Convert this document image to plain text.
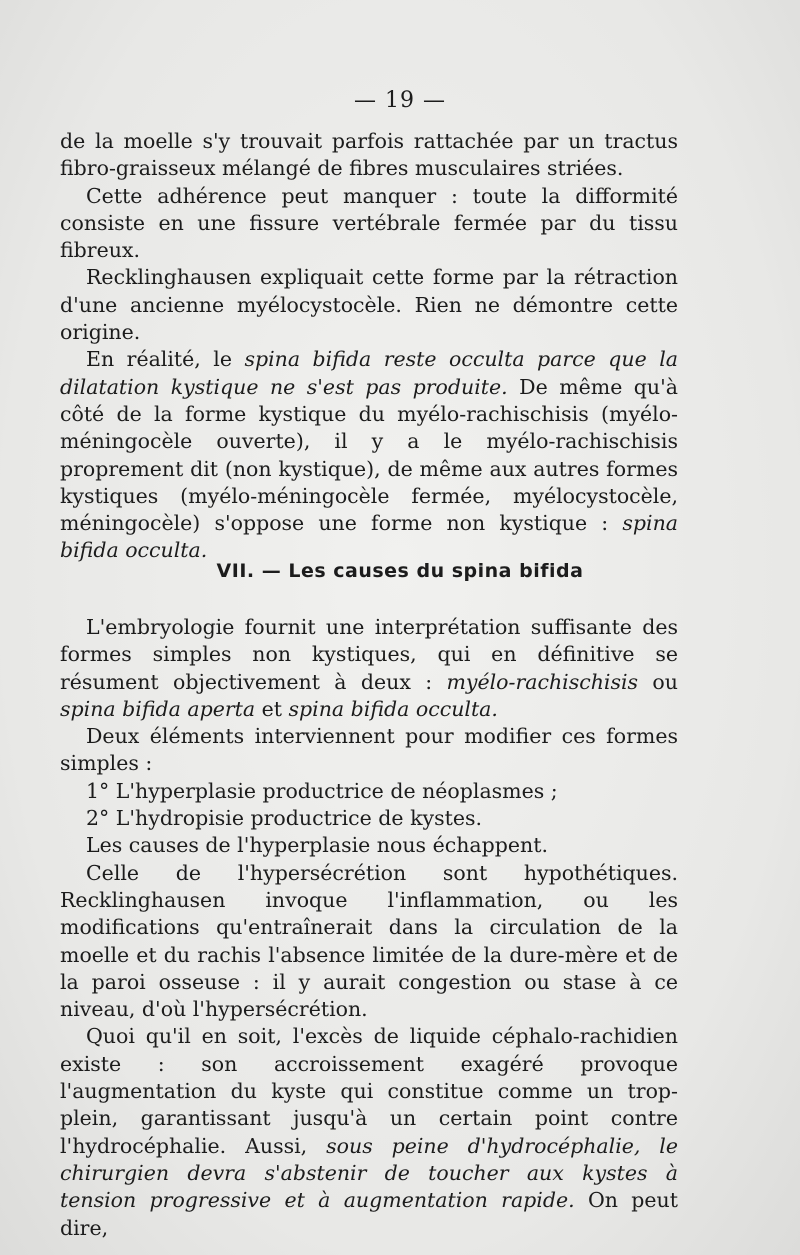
— 19 —

de la moelle s'y trouvait parfois rattachée par un tractus fibro-graisseux mélangé de fibres musculaires striées.

Cette adhérence peut manquer : toute la difformité consiste en une fissure vertébrale fermée par du tissu fibreux.

Recklinghausen expliquait cette forme par la rétraction d'une ancienne myélocystocèle. Rien ne démontre cette origine.

En réalité, le spina bifida reste occulta parce que la dilatation kystique ne s'est pas produite. De même qu'à côté de la forme kystique du myélo-rachischisis (myélo-méningocèle ouverte), il y a le myélo-rachischisis proprement dit (non kystique), de même aux autres formes kystiques (myélo-méningocèle fermée, myélocystocèle, méningocèle) s'oppose une forme non kystique : spina bifida occulta.

VII. — Les causes du spina bifida

L'embryologie fournit une interprétation suffisante des formes simples non kystiques, qui en définitive se résument objectivement à deux : myélo-rachischisis ou spina bifida aperta et spina bifida occulta.

Deux éléments interviennent pour modifier ces formes simples :

1° L'hyperplasie productrice de néoplasmes ;

2° L'hydropisie productrice de kystes.

Les causes de l'hyperplasie nous échappent.

Celle de l'hypersécrétion sont hypothétiques. Recklinghausen invoque l'inflammation, ou les modifications qu'entraînerait dans la circulation de la moelle et du rachis l'absence limitée de la dure-mère et de la paroi osseuse : il y aurait congestion ou stase à ce niveau, d'où l'hypersécrétion.

Quoi qu'il en soit, l'excès de liquide céphalo-rachidien existe : son accroissement exagéré provoque l'augmentation du kyste qui constitue comme un trop-plein, garantissant jusqu'à un certain point contre l'hydrocéphalie. Aussi, sous peine d'hydrocéphalie, le chirurgien devra s'abstenir de toucher aux kystes à tension progressive et à augmentation rapide. On peut dire,
